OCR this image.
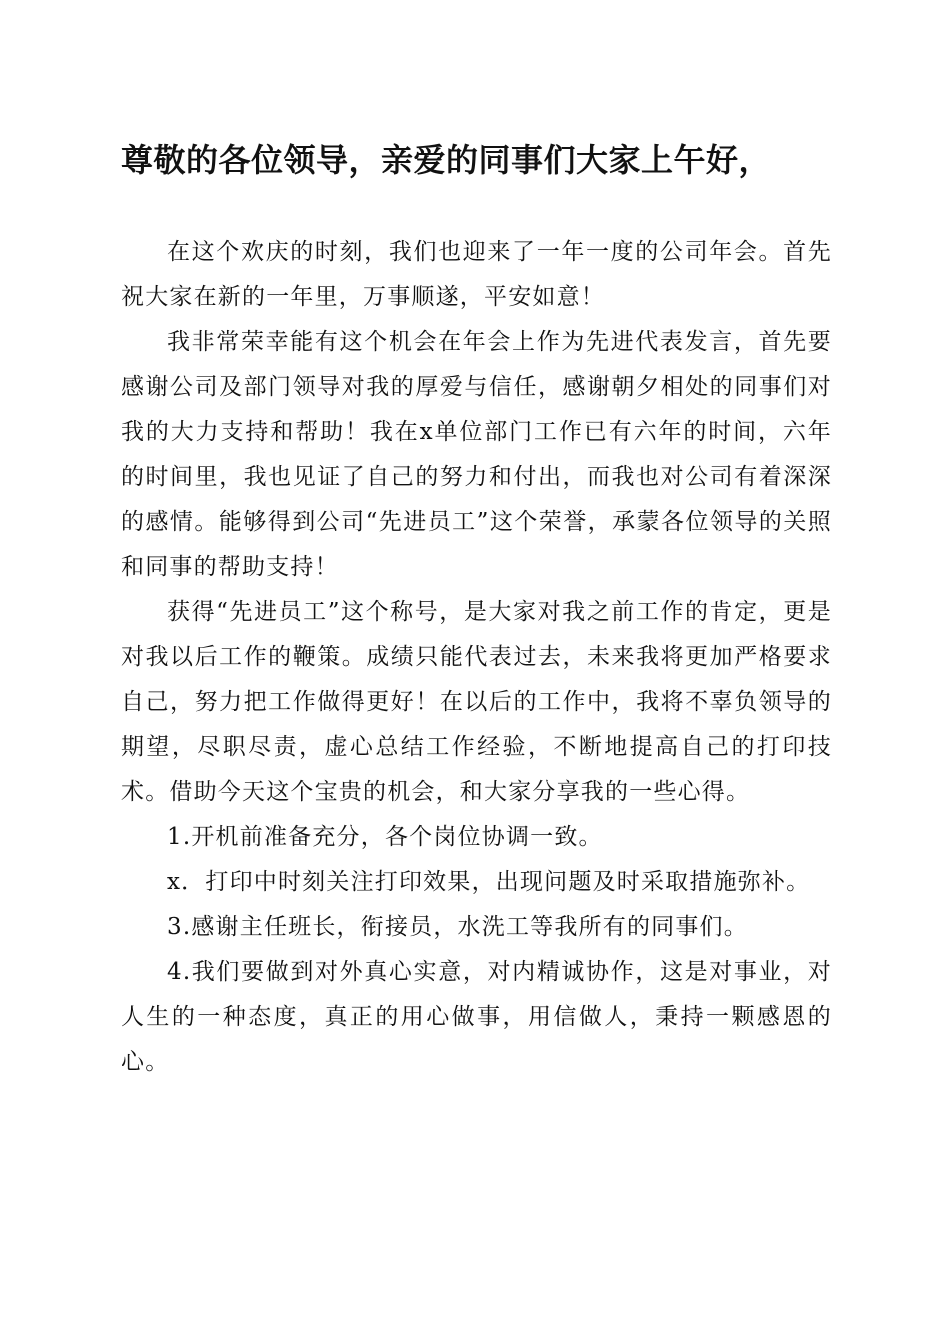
尊敬的各位领导，亲爱的同事们大家上午好，

在这个欢庆的时刻，我们也迎来了一年一度的公司年会。首先祝大家在新的一年里，万事顺遂，平安如意！

我非常荣幸能有这个机会在年会上作为先进代表发言，首先要感谢公司及部门领导对我的厚爱与信任，感谢朝夕相处的同事们对我的大力支持和帮助！我在x单位部门工作已有六年的时间，六年的时间里，我也见证了自己的努力和付出，而我也对公司有着深深的感情。能够得到公司“先进员工”这个荣誉，承蒙各位领导的关照和同事的帮助支持！

获得“先进员工”这个称号，是大家对我之前工作的肯定，更是对我以后工作的鞭策。成绩只能代表过去，未来我将更加严格要求自己，努力把工作做得更好！在以后的工作中，我将不辜负领导的期望，尽职尽责，虚心总结工作经验，不断地提高自己的打印技术。借助今天这个宝贵的机会，和大家分享我的一些心得。

1.开机前准备充分，各个岗位协调一致。

x．打印中时刻关注打印效果，出现问题及时采取措施弥补。

3.感谢主任班长，衔接员，水洗工等我所有的同事们。

4.我们要做到对外真心实意，对内精诚协作，这是对事业，对人生的一种态度，真正的用心做事，用信做人，秉持一颗感恩的心。
